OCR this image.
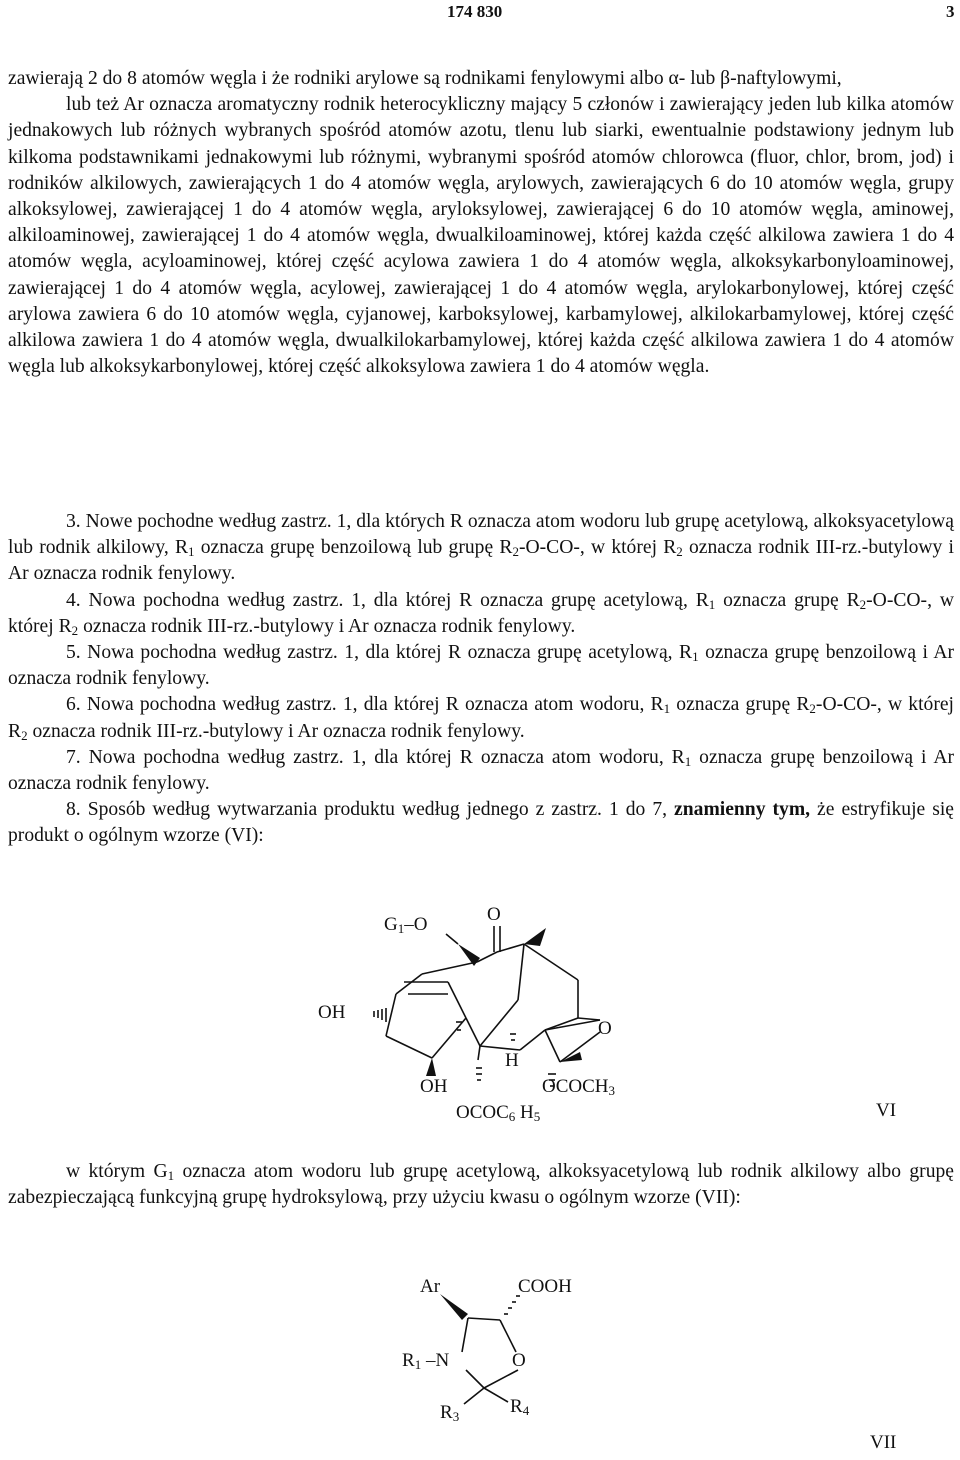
174 830	3

zawierają 2 do 8 atomów węgla i że rodniki arylowe są rodnikami fenylowymi albo α- lub β-naftylowymi,

lub też Ar oznacza aromatyczny rodnik heterocykliczny mający 5 członów i zawierający jeden lub kilka atomów jednakowych lub różnych wybranych spośród atomów azotu, tlenu lub siarki, ewentualnie podstawiony jednym lub kilkoma podstawnikami jednakowymi lub różnymi, wybranymi spośród atomów chlorowca (fluor, chlor, brom, jod) i rodników alkilowych, zawierających 1 do 4 atomów węgla, arylowych, zawierających 6 do 10 atomów węgla, grupy alkoksylowej, zawierającej 1 do 4 atomów węgla, aryloksylowej, zawierającej 6 do 10 atomów węgla, aminowej, alkiloaminowej, zawierającej 1 do 4 atomów węgla, dwualkiloaminowej, której każda część alkilowa zawiera 1 do 4 atomów węgla, acyloaminowej, której część acylowa zawiera 1 do 4 atomów węgla, alkoksykarbonyloaminowej, zawierającej 1 do 4 atomów węgla, acylowej, zawierającej 1 do 4 atomów węgla, arylokarbonylowej, której część arylowa zawiera 6 do 10 atomów węgla, cyjanowej, karboksylowej, karbamylowej, alkilokarbamylowej, której część alkilowa zawiera 1 do 4 atomów węgla, dwualkilokarbamylowej, której każda część alkilowa zawiera 1 do 4 atomów węgla lub alkoksykarbonylowej, której część alkoksylowa zawiera 1 do 4 atomów węgla.

3. Nowe pochodne według zastrz. 1, dla których R oznacza atom wodoru lub grupę acetylową, alkoksyacetylową lub rodnik alkilowy, $R_1$ oznacza grupę benzoilową lub grupę $R_2-O-CO-$, w której $R_2$ oznacza rodnik III-rz.-butylowy i Ar oznacza rodnik fenylowy.

4. Nowa pochodna według zastrz. 1, dla której R oznacza grupę acetylową, $R_1$ oznacza grupę $R_2-O-CO-$, w której $R_2$ oznacza rodnik III-rz.-butylowy i Ar oznacza rodnik fenylowy.

5. Nowa pochodna według zastrz. 1, dla której R oznacza grupę acetylową, $R_1$ oznacza grupę benzoilową i Ar oznacza rodnik fenylowy.

6. Nowa pochodna według zastrz. 1, dla której R oznacza atom wodoru, $R_1$ oznacza grupę $R_2-O-CO-$, w której $R_2$ oznacza rodnik III-rz.-butylowy i Ar oznacza rodnik fenylowy.

7. Nowa pochodna według zastrz. 1, dla której R oznacza atom wodoru, $R_1$ oznacza grupę benzoilową i Ar oznacza rodnik fenylowy.

8. Sposób według wytwarzania produktu według jednego z zastrz. 1 do 7, znamienny tym, że estryfikuje się produkt o ogólnym wzorze (VI):

$G_1-O$	O
OH
O
H
OH	$OCOCH_3$
$OCOC_6$ $H_5$	VI

w którym $G_1$ oznacza atom wodoru lub grupę acetylową, alkoksyacetylową lub rodnik alkilowy albo grupę zabezpieczającą funkcyjną grupę hydroksylową, przy użyciu kwasu o ogólnym wzorze (VII):

Ar	COOH
$R_1$ –N	O
$R_3$	$R_4$
VII
